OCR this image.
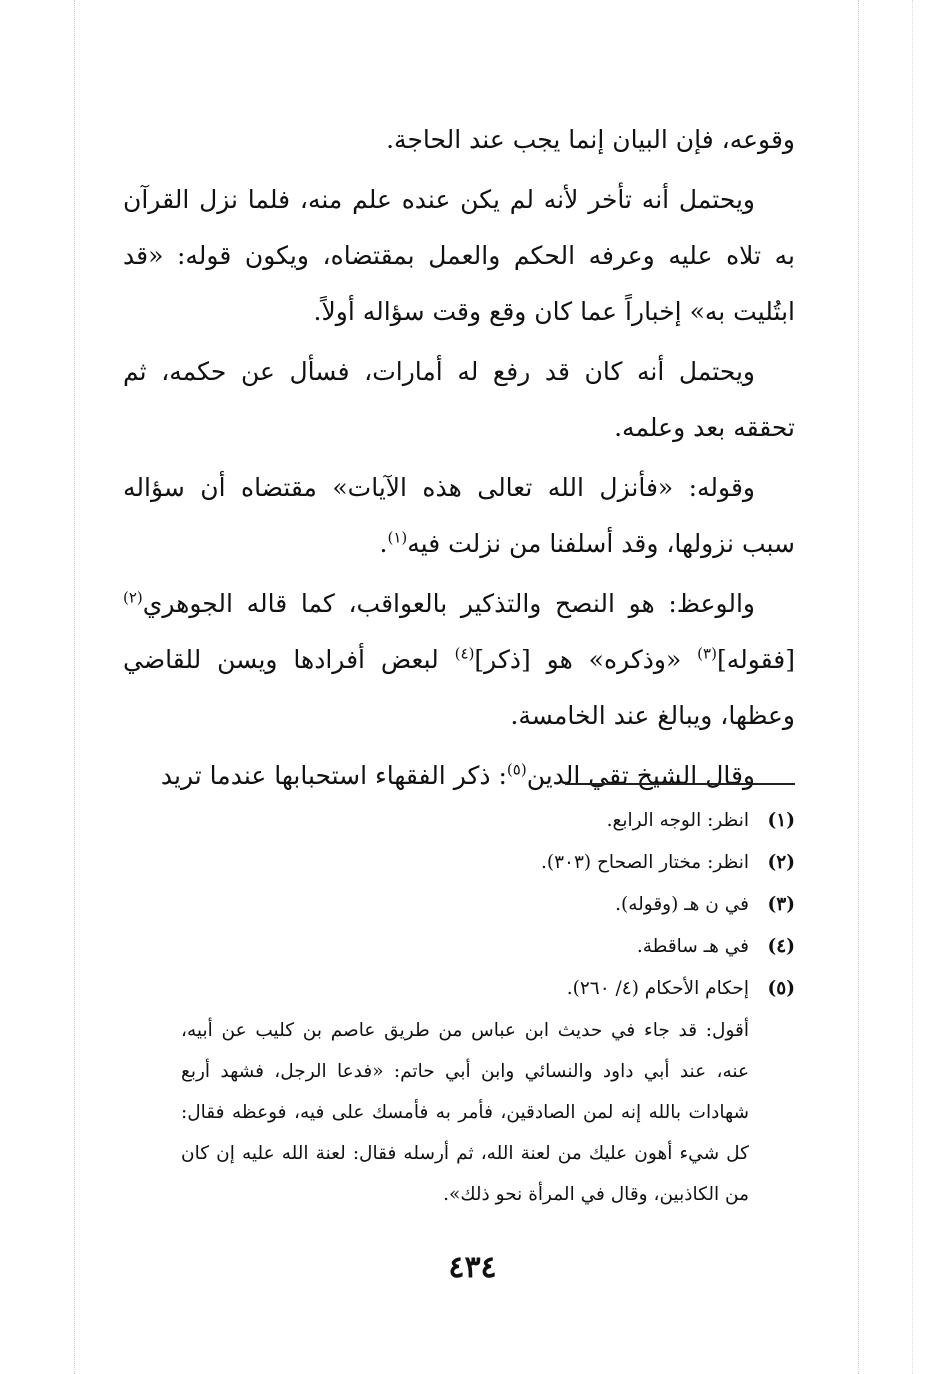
وقوعه، فإن البيان إنما يجب عند الحاجة.

ويحتمل أنه تأخر لأنه لم يكن عنده علم منه، فلما نزل القرآن به تلاه عليه وعرفه الحكم والعمل بمقتضاه، ويكون قوله: «قد ابتُليت به» إخباراً عما كان وقع وقت سؤاله أولاً.

ويحتمل أنه كان قد رفع له أمارات، فسأل عن حكمه، ثم تحققه بعد وعلمه.

وقوله: «فأنزل الله تعالى هذه الآيات» مقتضاه أن سؤاله سبب نزولها، وقد أسلفنا من نزلت فيه$^{(١)}$.

والوعظ: هو النصح والتذكير بالعواقب، كما قاله الجوهري$^{(٢)}$ [فقوله]$^{(٣)}$ «وذكره» هو [ذكر]$^{(٤)}$ لبعض أفرادها ويسن للقاضي وعظها، ويبالغ عند الخامسة.

وقال الشيخ تقي الدين$^{(٥)}$: ذكر الفقهاء استحبابها عندما تريد

(١)
انظر: الوجه الرابع.
(٢)
انظر: مختار الصحاح (٣٠٣).
(٣)
في ن هـ (وقوله).
(٤)
في هـ ساقطة.
(٥)
إحكام الأحكام (٤/ ٢٦٠).

أقول: قد جاء في حديث ابن عباس من طريق عاصم بن كليب عن أبيه، عنه، عند أبي داود والنسائي وابن أبي حاتم: «فدعا الرجل، فشهد أربع شهادات بالله إنه لمن الصادقين، فأمر به فأمسك على فيه، فوعظه فقال: كل شيء أهون عليك من لعنة الله، ثم أرسله فقال: لعنة الله عليه إن كان من الكاذبين، وقال في المرأة نحو ذلك».

٤٣٤
